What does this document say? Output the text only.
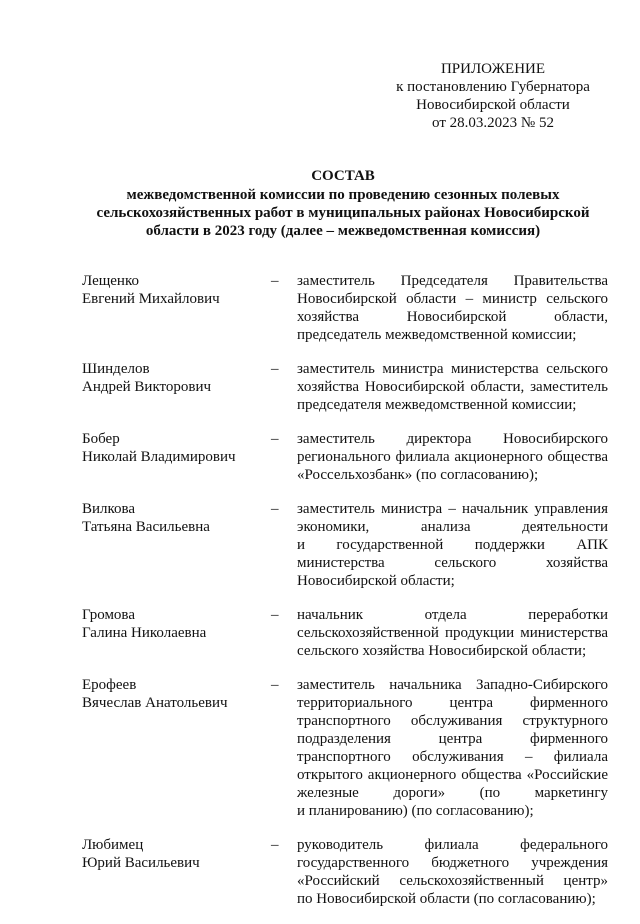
ПРИЛОЖЕНИЕ
к постановлению Губернатора
Новосибирской области
от 28.03.2023 № 52
СОСТАВ
межведомственной комиссии по проведению сезонных полевых
сельскохозяйственных работ в муниципальных районах Новосибирской
области в 2023 году (далее – межведомственная комиссия)
Лещенко
Евгений Михайлович
– заместитель Председателя Правительства
Новосибирской области – министр сельского
хозяйства Новосибирской области,
председатель межведомственной комиссии;
Шинделов
Андрей Викторович
– заместитель министра министерства сельского
хозяйства Новосибирской области, заместитель
председателя межведомственной комиссии;
Бобер
Николай Владимирович
– заместитель директора Новосибирского
регионального филиала акционерного общества
«Россельхозбанк» (по согласованию);
Вилкова
Татьяна Васильевна
– заместитель министра – начальник управления
экономики, анализа деятельности
и государственной поддержки АПК
министерства сельского хозяйства
Новосибирской области;
Громова
Галина Николаевна
– начальник отдела переработки
сельскохозяйственной продукции министерства
сельского хозяйства Новосибирской области;
Ерофеев
Вячеслав Анатольевич
– заместитель начальника Западно-Сибирского
территориального центра фирменного
транспортного обслуживания структурного
подразделения центра фирменного
транспортного обслуживания – филиала
открытого акционерного общества «Российские
железные дороги» (по маркетингу
и планированию) (по согласованию);
Любимец
Юрий Васильевич
– руководитель филиала федерального
государственного бюджетного учреждения
«Российский сельскохозяйственный центр»
по Новосибирской области (по согласованию);
